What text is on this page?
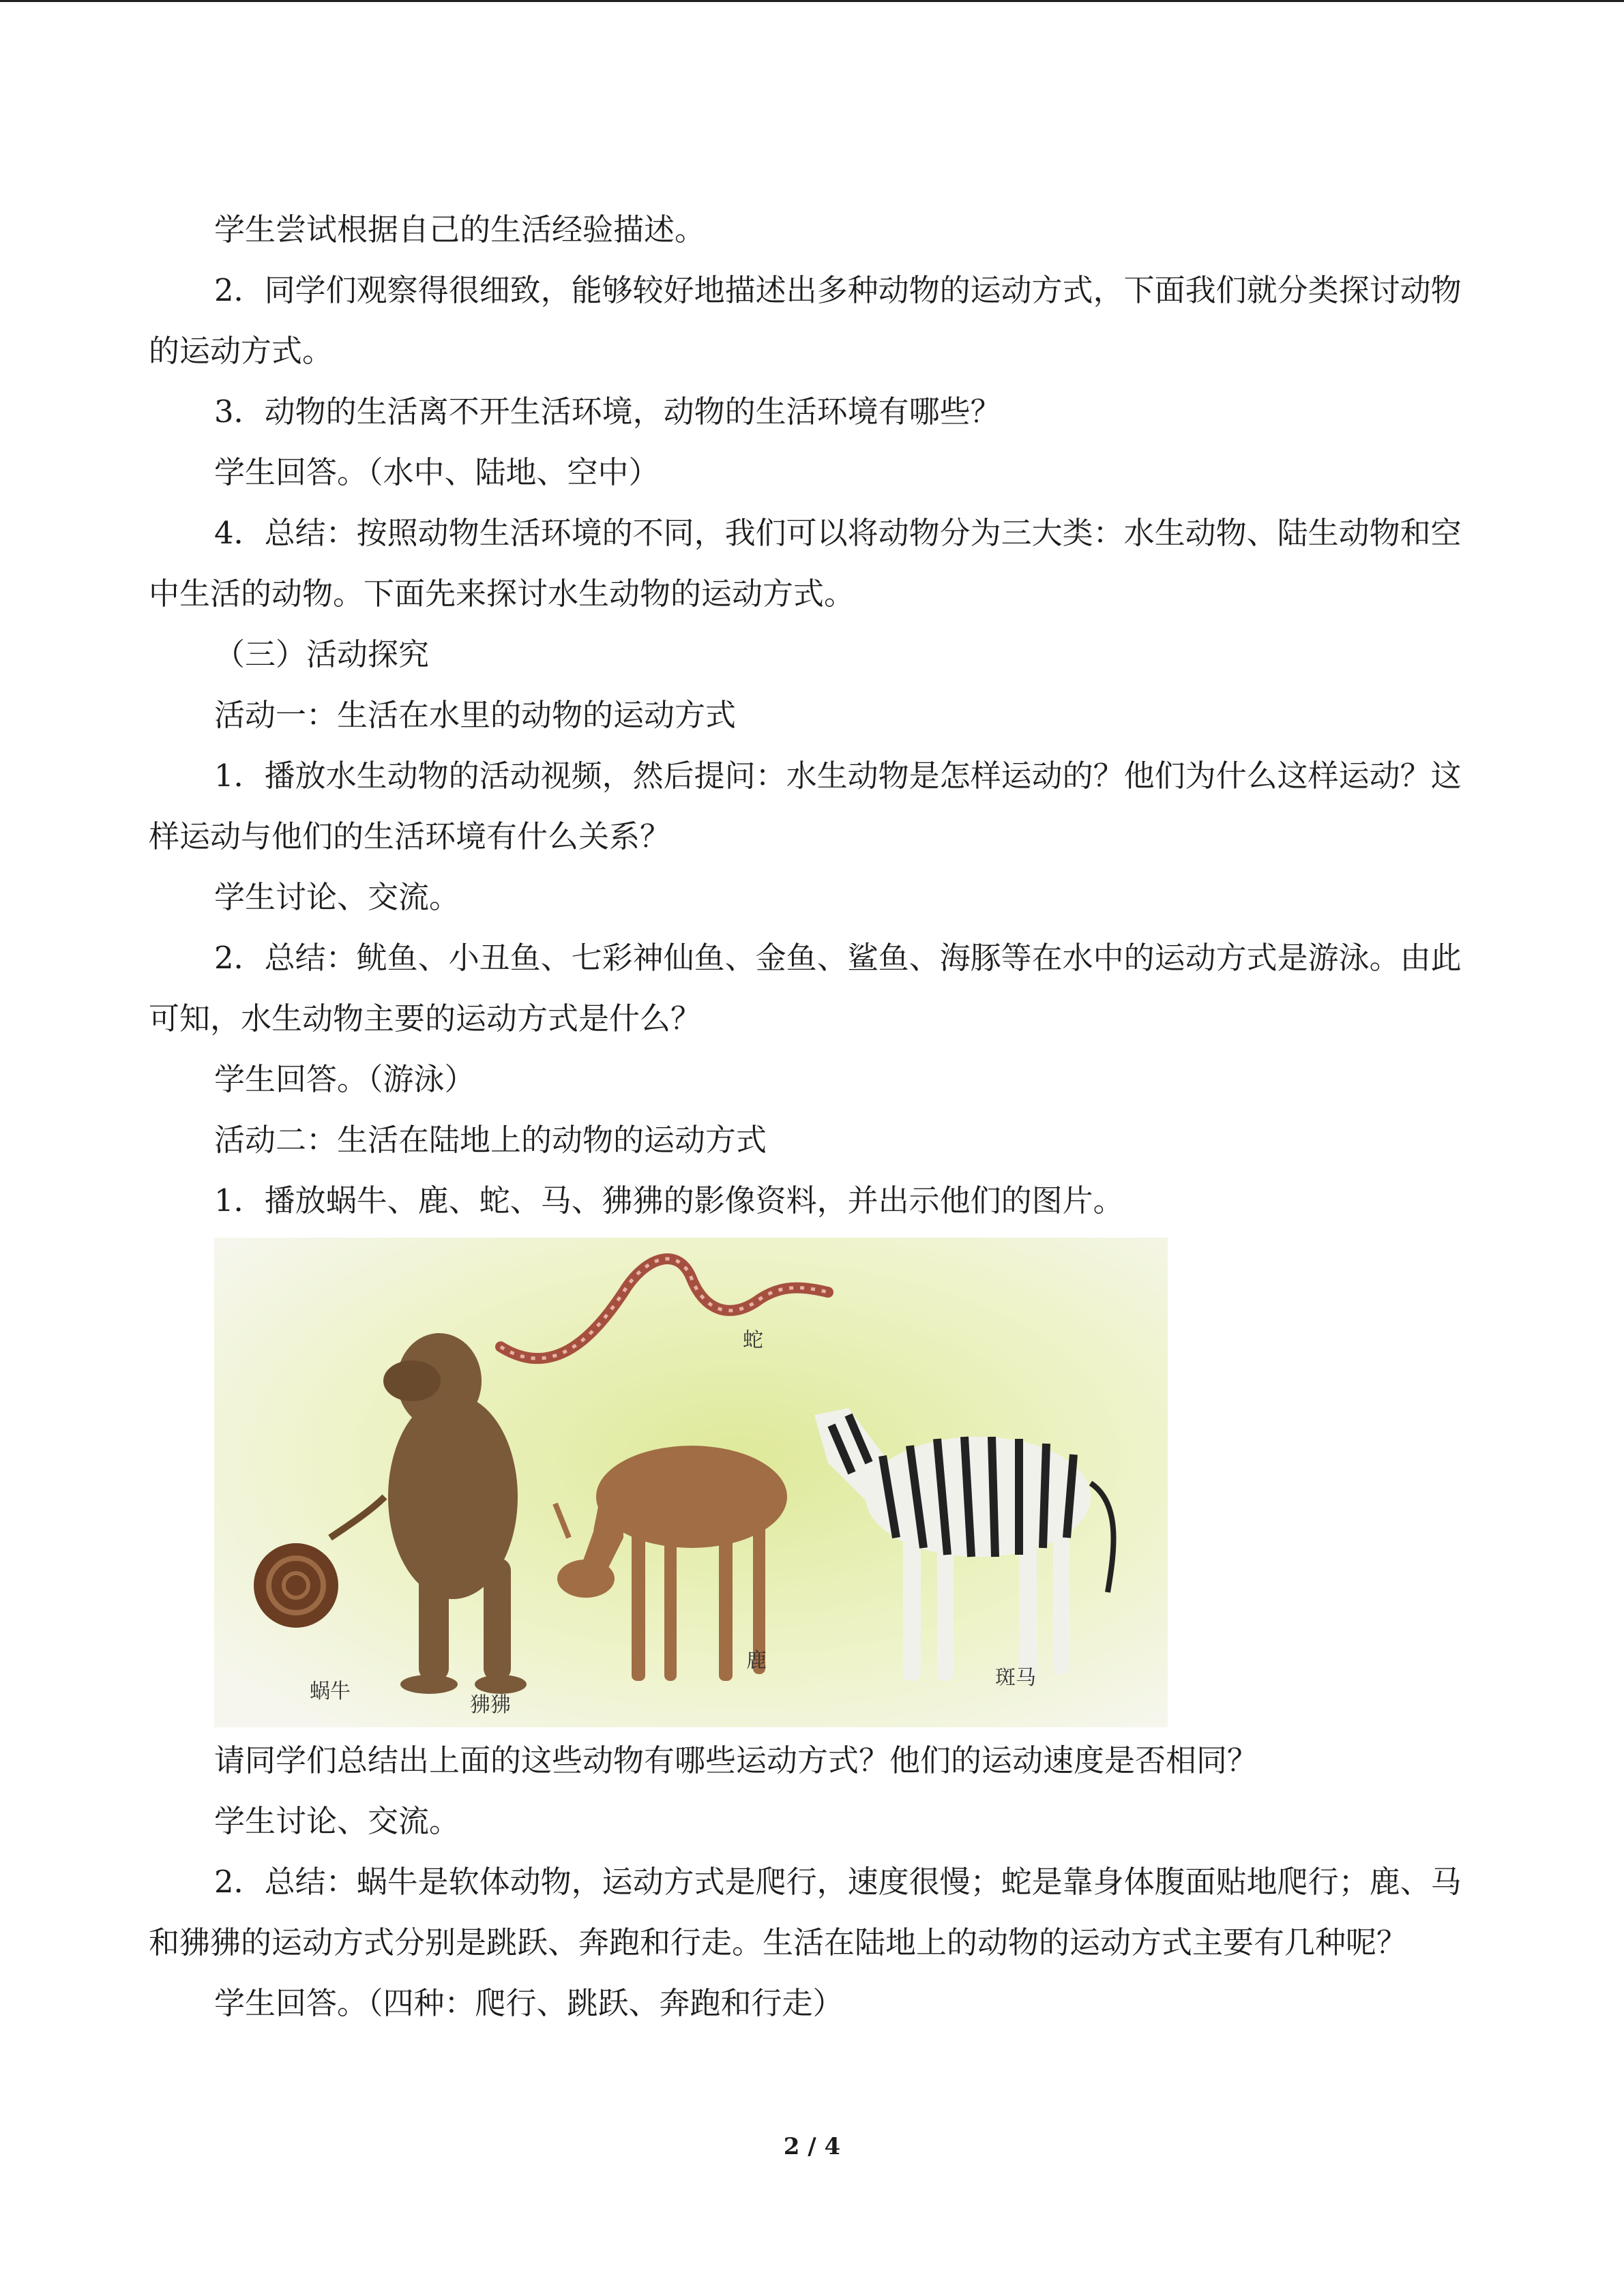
学生尝试根据自己的生活经验描述。

2．同学们观察得很细致，能够较好地描述出多种动物的运动方式，下面我们就分类探讨动物的运动方式。

3．动物的生活离不开生活环境，动物的生活环境有哪些？

学生回答。（水中、陆地、空中）

4．总结：按照动物生活环境的不同，我们可以将动物分为三大类：水生动物、陆生动物和空中生活的动物。下面先来探讨水生动物的运动方式。

（三）活动探究

活动一：生活在水里的动物的运动方式

1．播放水生动物的活动视频，然后提问：水生动物是怎样运动的？他们为什么这样运动？这样运动与他们的生活环境有什么关系？

学生讨论、交流。

2．总结：鱿鱼、小丑鱼、七彩神仙鱼、金鱼、鲨鱼、海豚等在水中的运动方式是游泳。由此可知，水生动物主要的运动方式是什么？

学生回答。（游泳）

活动二：生活在陆地上的动物的运动方式

1．播放蜗牛、鹿、蛇、马、狒狒的影像资料，并出示他们的图片。

蛇
蜗牛
狒狒
鹿
斑马

请同学们总结出上面的这些动物有哪些运动方式？他们的运动速度是否相同？

学生讨论、交流。

2．总结：蜗牛是软体动物，运动方式是爬行，速度很慢；蛇是靠身体腹面贴地爬行；鹿、马和狒狒的运动方式分别是跳跃、奔跑和行走。生活在陆地上的动物的运动方式主要有几种呢？

学生回答。（四种：爬行、跳跃、奔跑和行走）

2 / 4
